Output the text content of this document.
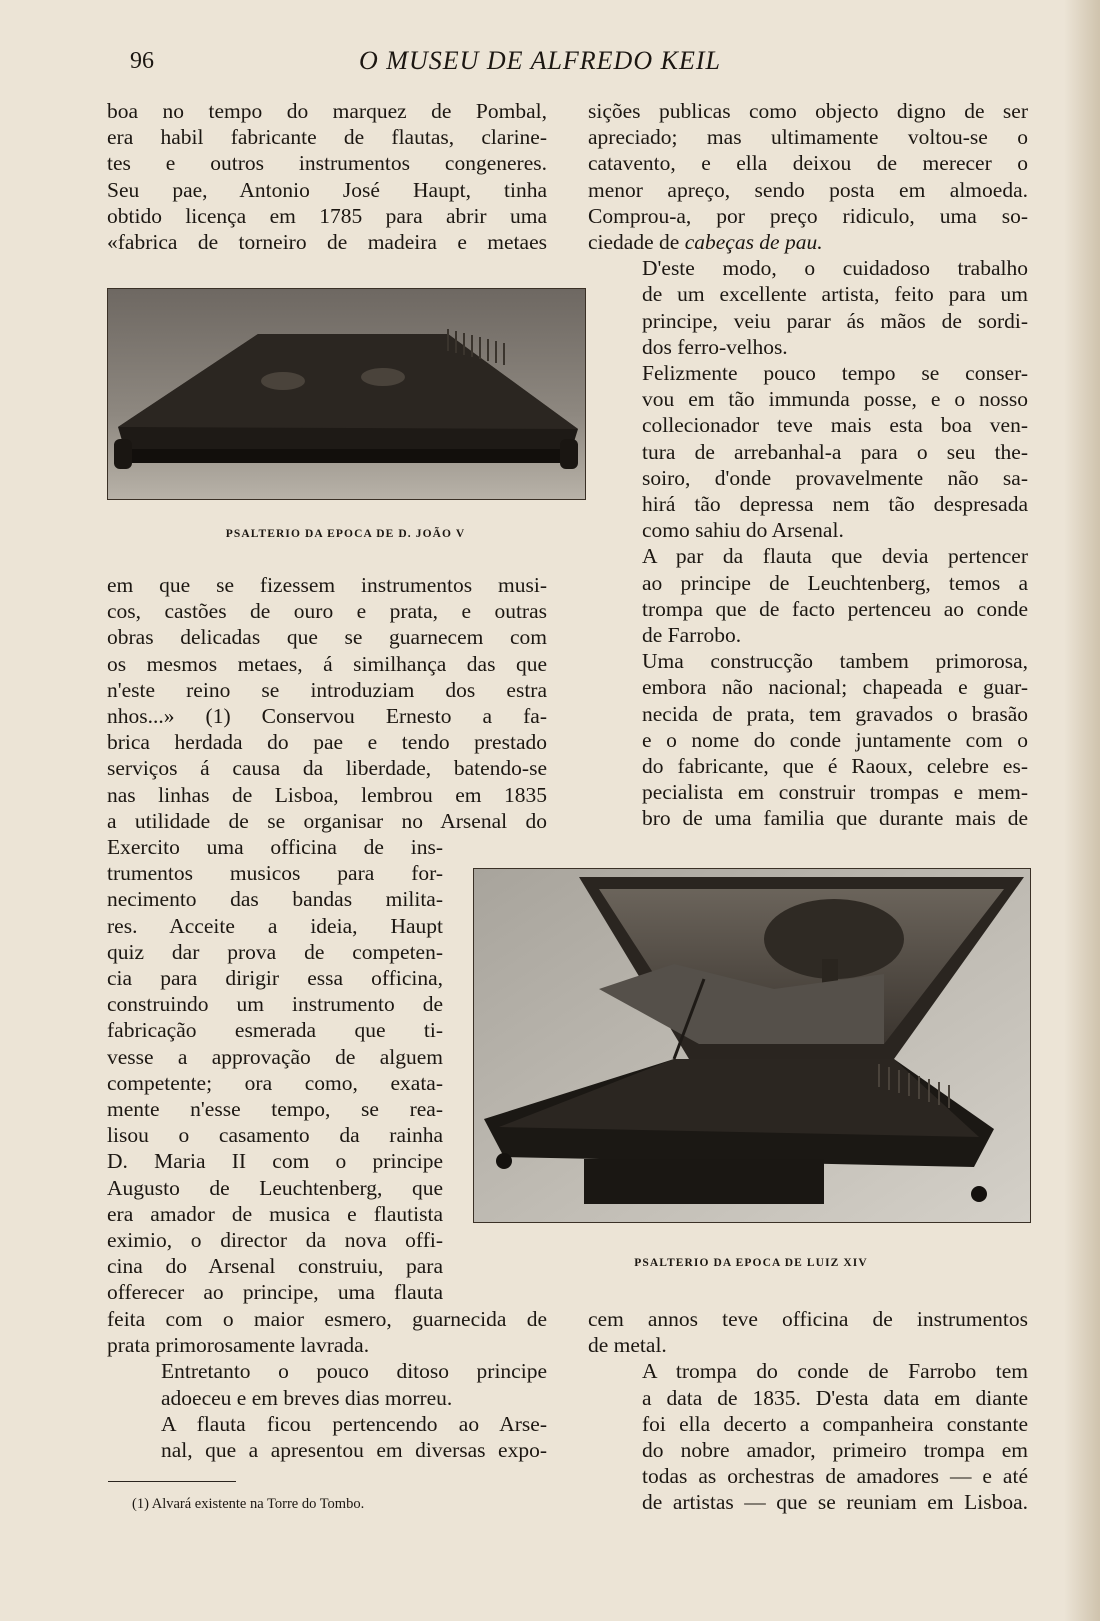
96	O MUSEU DE ALFREDO KEIL

boa no tempo do marquez de Pombal,
era habil fabricante de flautas, clarine-
tes e outros instrumentos congeneres.
Seu pae, Antonio José Haupt, tinha
obtido licença em 1785 para abrir uma
«fabrica de torneiro de madeira e metaes

PSALTERIO DA EPOCA DE D. JOÃO V

em que se fizessem instrumentos musi-
cos, castões de ouro e prata, e outras
obras delicadas que se guarnecem com
os mesmos metaes, á similhança das que
n'este reino se introduziam dos estra
nhos...» (1) Conservou Ernesto a fa-
brica herdada do pae e tendo prestado
serviços á causa da liberdade, batendo-se
nas linhas de Lisboa, lembrou em 1835
a utilidade de se organisar no Arsenal do

Exercito uma officina de ins-
trumentos musicos para for-
necimento das bandas milita-
res. Acceite a ideia, Haupt
quiz dar prova de competen-
cia para dirigir essa officina,
construindo um instrumento de
fabricação esmerada que ti-
vesse a approvação de alguem
competente; ora como, exata-
mente n'esse tempo, se rea-
lisou o casamento da rainha
D. Maria II com o principe
Augusto de Leuchtenberg, que
era amador de musica e flautista
eximio, o director da nova offi-
cina do Arsenal construiu, para
offerecer ao principe, uma flauta

feita com o maior esmero, guarnecida de
prata primorosamente lavrada.

Entretanto o pouco ditoso principe
adoeceu e em breves dias morreu.

A flauta ficou pertencendo ao Arse-
nal, que a apresentou em diversas expo-

sições publicas como objecto digno de ser
apreciado; mas ultimamente voltou-se o
catavento, e ella deixou de merecer o
menor apreço, sendo posta em almoeda.
Comprou-a, por preço ridiculo, uma so-

ciedade de cabeças de pau.

D'este modo, o cuidadoso trabalho
de um excellente artista, feito para um
principe, veiu parar ás mãos de sordi-
dos ferro-velhos.

Felizmente pouco tempo se conser-
vou em tão immunda posse, e o nosso
collecionador teve mais esta boa ven-
tura de arrebanhal-a para o seu the-
soiro, d'onde provavelmente não sa-
hirá tão depressa nem tão despresada
como sahiu do Arsenal.

A par da flauta que devia pertencer
ao principe de Leuchtenberg, temos a
trompa que de facto pertenceu ao conde
de Farrobo.

Uma construcção tambem primorosa,
embora não nacional; chapeada e guar-
necida de prata, tem gravados o brasão
e o nome do conde juntamente com o
do fabricante, que é Raoux, celebre es-
pecialista em construir trompas e mem-
bro de uma familia que durante mais de

PSALTERIO DA EPOCA DE LUIZ XIV

cem annos teve officina de instrumentos
de metal.

A trompa do conde de Farrobo tem
a data de 1835. D'esta data em diante
foi ella decerto a companheira constante
do nobre amador, primeiro trompa em
todas as orchestras de amadores — e até
de artistas — que se reuniam em Lisboa.

(1) Alvará existente na Torre do Tombo.
